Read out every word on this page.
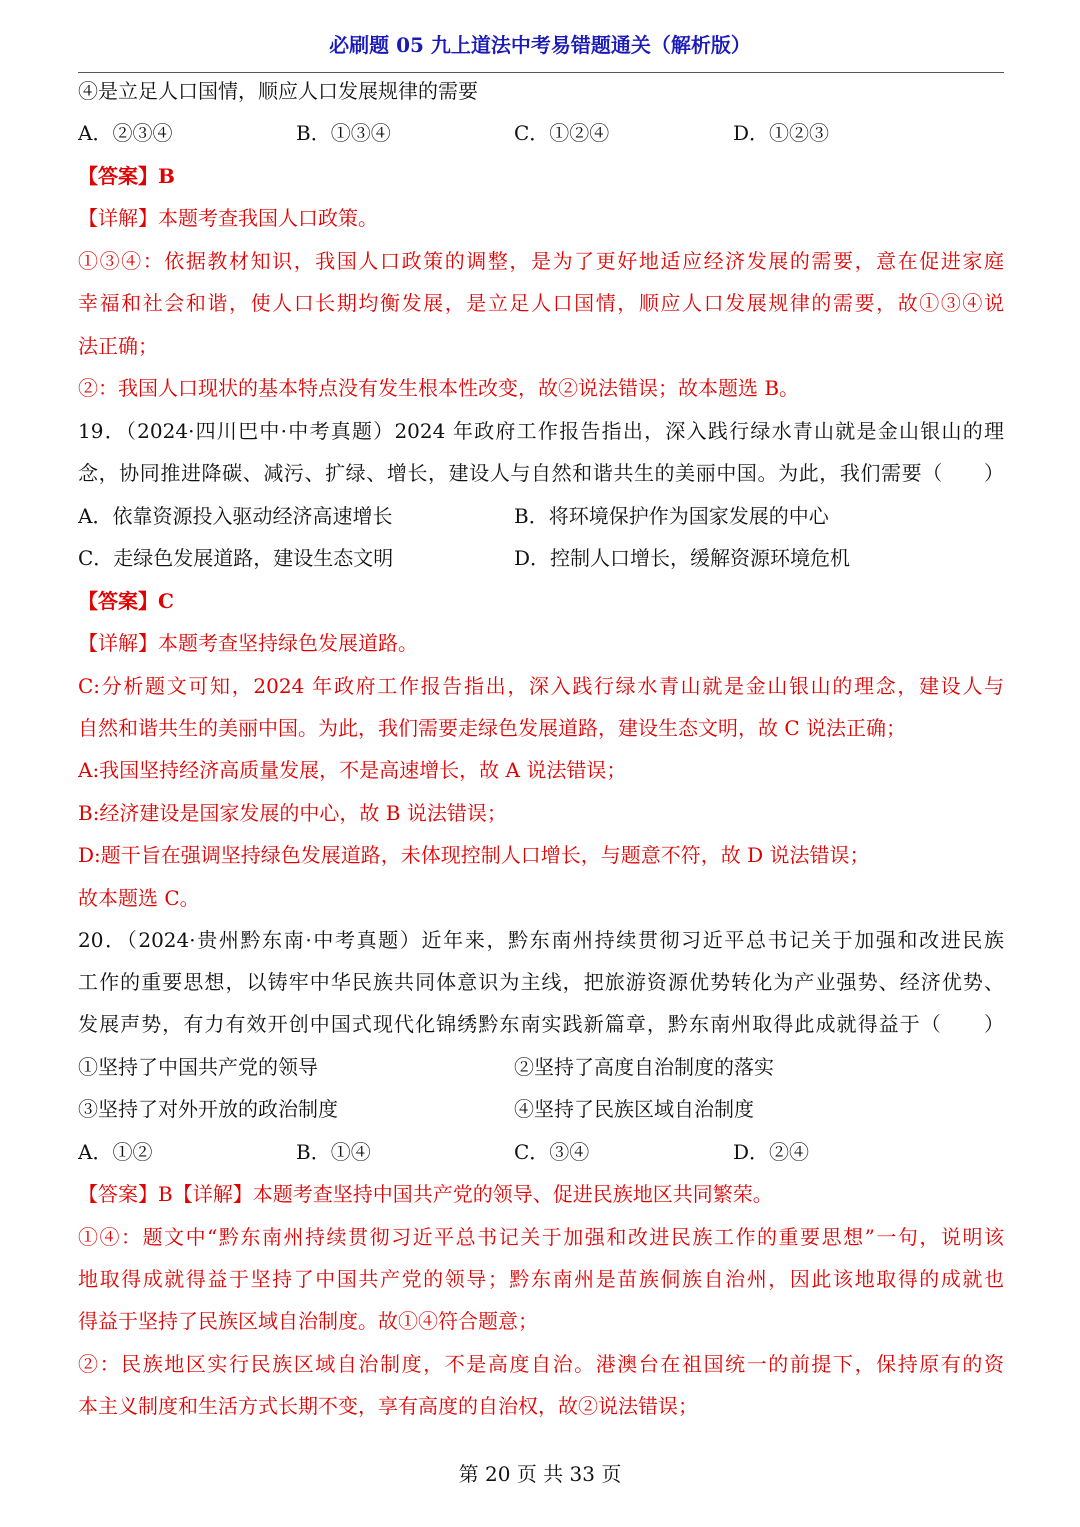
必刷题 05 九上道法中考易错题通关（解析版）
④是立足人口国情，顺应人口发展规律的需要
A．②③④	B．①③④	C．①②④	D．①②③
【答案】B
【详解】本题考查我国人口政策。
①③④：依据教材知识，我国人口政策的调整，是为了更好地适应经济发展的需要，意在促进家庭
幸福和社会和谐，使人口长期均衡发展，是立足人口国情，顺应人口发展规律的需要，故①③④说
法正确；
②：我国人口现状的基本特点没有发生根本性改变，故②说法错误；故本题选 B。
19．（2024·四川巴中·中考真题）2024 年政府工作报告指出，深入践行绿水青山就是金山银山的理
念，协同推进降碳、减污、扩绿、增长，建设人与自然和谐共生的美丽中国。为此，我们需要（　　）
A．依靠资源投入驱动经济高速增长	B．将环境保护作为国家发展的中心
C．走绿色发展道路，建设生态文明	D．控制人口增长，缓解资源环境危机
【答案】C
【详解】本题考查坚持绿色发展道路。
C:分析题文可知，2024 年政府工作报告指出，深入践行绿水青山就是金山银山的理念，建设人与
自然和谐共生的美丽中国。为此，我们需要走绿色发展道路，建设生态文明，故 C 说法正确；
A:我国坚持经济高质量发展，不是高速增长，故 A 说法错误；
B:经济建设是国家发展的中心，故 B 说法错误；
D:题干旨在强调坚持绿色发展道路，未体现控制人口增长，与题意不符，故 D 说法错误；
故本题选 C。
20．（2024·贵州黔东南·中考真题）近年来，黔东南州持续贯彻习近平总书记关于加强和改进民族
工作的重要思想，以铸牢中华民族共同体意识为主线，把旅游资源优势转化为产业强势、经济优势、
发展声势，有力有效开创中国式现代化锦绣黔东南实践新篇章，黔东南州取得此成就得益于（　　）
①坚持了中国共产党的领导	②坚持了高度自治制度的落实
③坚持了对外开放的政治制度	④坚持了民族区域自治制度
A．①②	B．①④	C．③④	D．②④
【答案】B【详解】本题考查坚持中国共产党的领导、促进民族地区共同繁荣。
①④：题文中“黔东南州持续贯彻习近平总书记关于加强和改进民族工作的重要思想”一句，说明该
地取得成就得益于坚持了中国共产党的领导；黔东南州是苗族侗族自治州，因此该地取得的成就也
得益于坚持了民族区域自治制度。故①④符合题意；
②：民族地区实行民族区域自治制度，不是高度自治。港澳台在祖国统一的前提下，保持原有的资
本主义制度和生活方式长期不变，享有高度的自治权，故②说法错误；
第 20 页 共 33 页
